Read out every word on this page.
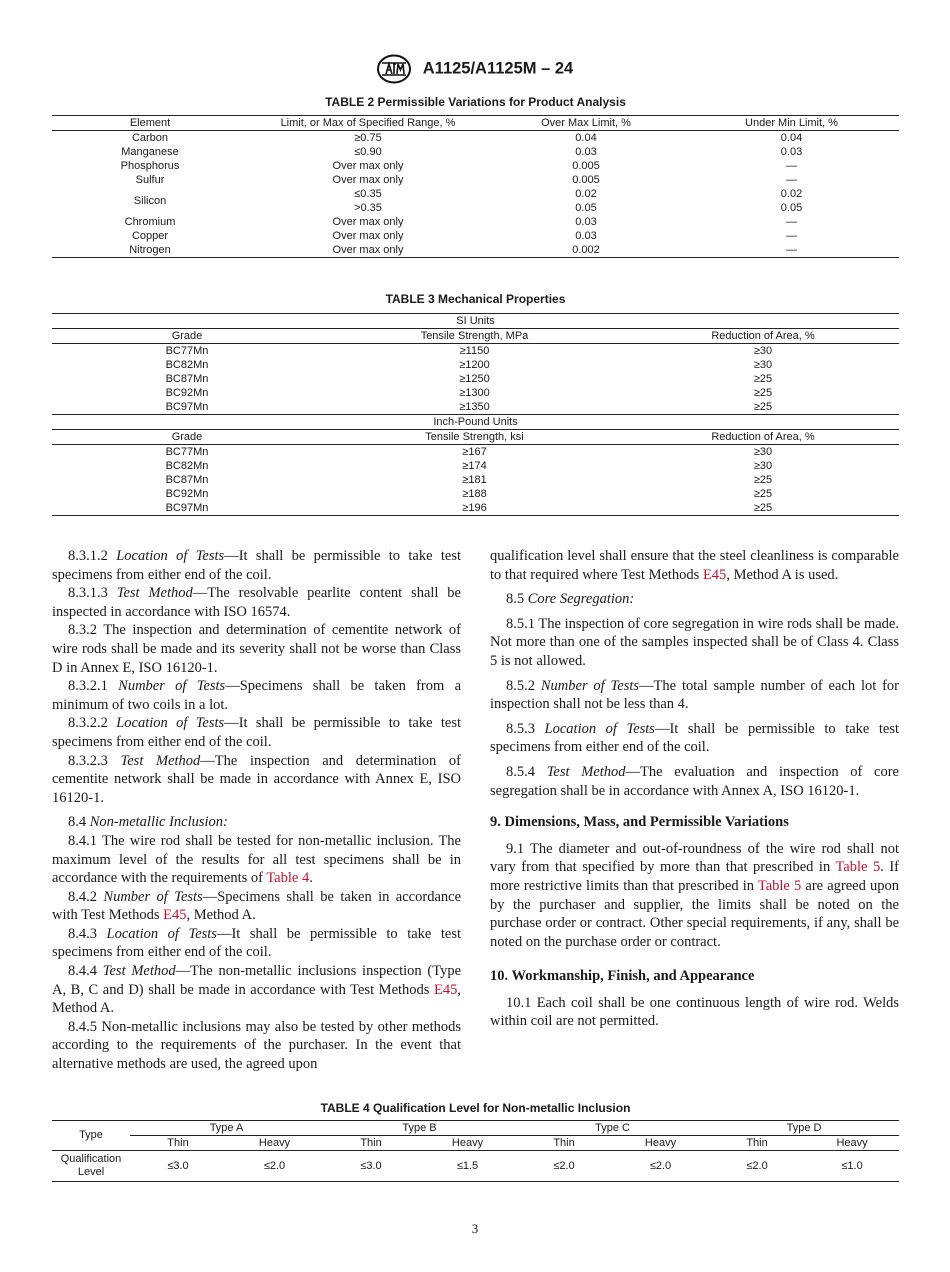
A1125/A1125M – 24
TABLE 2 Permissible Variations for Product Analysis
Element	Limit, or Max of Specified Range, %	Over Max Limit, %	Under Min Limit, %
Carbon	≥0.75	0.04	0.04
Manganese	≤0.90	0.03	0.03
Phosphorus	Over max only	0.005	—
Sulfur	Over max only	0.005	—
Silicon	≤0.35	0.02	0.02
	>0.35	0.05	0.05
Chromium	Over max only	0.03	—
Copper	Over max only	0.03	—
Nitrogen	Over max only	0.002	—
TABLE 3 Mechanical Properties
SI Units		
Grade	Tensile Strength, MPa	Reduction of Area, %
BC77Mn	≥1150	≥30
BC82Mn	≥1200	≥30
BC87Mn	≥1250	≥25
BC92Mn	≥1300	≥25
BC97Mn	≥1350	≥25
Inch-Pound Units		
Grade	Tensile Strength, ksi	Reduction of Area, %
BC77Mn	≥167	≥30
BC82Mn	≥174	≥30
BC87Mn	≥181	≥25
BC92Mn	≥188	≥25
BC97Mn	≥196	≥25

8.3.1.2 Location of Tests—It shall be permissible to take test specimens from either end of the coil.

8.3.1.3 Test Method—The resolvable pearlite content shall be inspected in accordance with ISO 16574.

8.3.2 The inspection and determination of cementite network of wire rods shall be made and its severity shall not be worse than Class D in Annex E, ISO 16120-1.

8.3.2.1 Number of Tests—Specimens shall be taken from a minimum of two coils in a lot.

8.3.2.2 Location of Tests—It shall be permissible to take test specimens from either end of the coil.

8.3.2.3 Test Method—The inspection and determination of cementite network shall be made in accordance with Annex E, ISO 16120-1.

8.4 Non-metallic Inclusion:

8.4.1 The wire rod shall be tested for non-metallic inclusion. The maximum level of the results for all test specimens shall be in accordance with the requirements of Table 4.

8.4.2 Number of Tests—Specimens shall be taken in accordance with Test Methods E45, Method A.

8.4.3 Location of Tests—It shall be permissible to take test specimens from either end of the coil.

8.4.4 Test Method—The non-metallic inclusions inspection (Type A, B, C and D) shall be made in accordance with Test Methods E45, Method A.

8.4.5 Non-metallic inclusions may also be tested by other methods according to the requirements of the purchaser. In the event that alternative methods are used, the agreed upon

qualification level shall ensure that the steel cleanliness is comparable to that required where Test Methods E45, Method A is used.

8.5 Core Segregation:

8.5.1 The inspection of core segregation in wire rods shall be made. Not more than one of the samples inspected shall be of Class 4. Class 5 is not allowed.

8.5.2 Number of Tests—The total sample number of each lot for inspection shall not be less than 4.

8.5.3 Location of Tests—It shall be permissible to take test specimens from either end of the coil.

8.5.4 Test Method—The evaluation and inspection of core segregation shall be in accordance with Annex A, ISO 16120-1.

9. Dimensions, Mass, and Permissible Variations

9.1 The diameter and out-of-roundness of the wire rod shall not vary from that specified by more than that prescribed in Table 5. If more restrictive limits than that prescribed in Table 5 are agreed upon by the purchaser and supplier, the limits shall be noted on the purchase order or contract. Other special requirements, if any, shall be noted on the purchase order or contract.

10. Workmanship, Finish, and Appearance

10.1 Each coil shall be one continuous length of wire rod. Welds within coil are not permitted.

TABLE 4 Qualification Level for Non-metallic Inclusion
Type	Type A		Type B		Type C		Type D	
	Thin	Heavy	Thin	Heavy	Thin	Heavy	Thin	Heavy
Qualification
Level	≤3.0	≤2.0	≤3.0	≤1.5	≤2.0	≤2.0	≤2.0	≤1.0
3
